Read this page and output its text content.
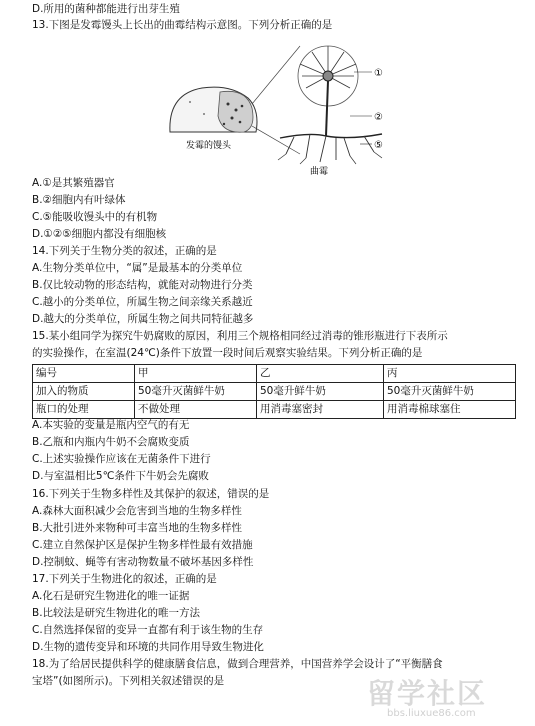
D.所用的菌种都能进行出芽生殖
13.下图是发霉馒头上长出的曲霉结构示意图。下列分析正确的是
①
②
⑤
发霉的馒头
曲霉
A.①是其繁殖器官
B.②细胞内有叶绿体
C.⑤能吸收馒头中的有机物
D.①②⑤细胞内都没有细胞核
14.下列关于生物分类的叙述，正确的是
A.生物分类单位中，“属”是最基本的分类单位
B.仅比较动物的形态结构，就能对动物进行分类
C.越小的分类单位，所属生物之间亲缘关系越近
D.越大的分类单位，所属生物之间共同特征越多
15.某小组同学为探究牛奶腐败的原因，利用三个规格相同经过消毒的锥形瓶进行下表所示
的实验操作，在室温(24℃)条件下放置一段时间后观察实验结果。下列分析正确的是
编号	甲	乙	丙
加入的物质	50毫升灭菌鲜牛奶	50毫升鲜牛奶	50毫升灭菌鲜牛奶
瓶口的处理	不做处理	用消毒塞密封	用消毒棉球塞住
A.本实验的变量是瓶内空气的有无
B.乙瓶和内瓶内牛奶不会腐败变质
C.上述实验操作应该在无菌条件下进行
D.与室温相比5℃条件下牛奶会先腐败
16.下列关于生物多样性及其保护的叙述，错误的是
A.森林大面积减少会危害到当地的生物多样性
B.大批引进外来物种可丰富当地的生物多样性
C.建立自然保护区是保护生物多样性最有效措施
D.控制蚊、蝇等有害动物数量不破坏基因多样性
17.下列关于生物进化的叙述，正确的是
A.化石是研究生物进化的唯一证据
B.比较法是研究生物进化的唯一方法
C.自然选择保留的变异一直都有利于该生物的生存
D.生物的遗传变异和环境的共同作用导致生物进化
18.为了给居民提供科学的健康膳食信息，做到合理营养，中国营养学会设计了“平衡膳食
宝塔”(如图所示)。下列相关叙述错误的是	留学社区
bbs.liuxue86.com
